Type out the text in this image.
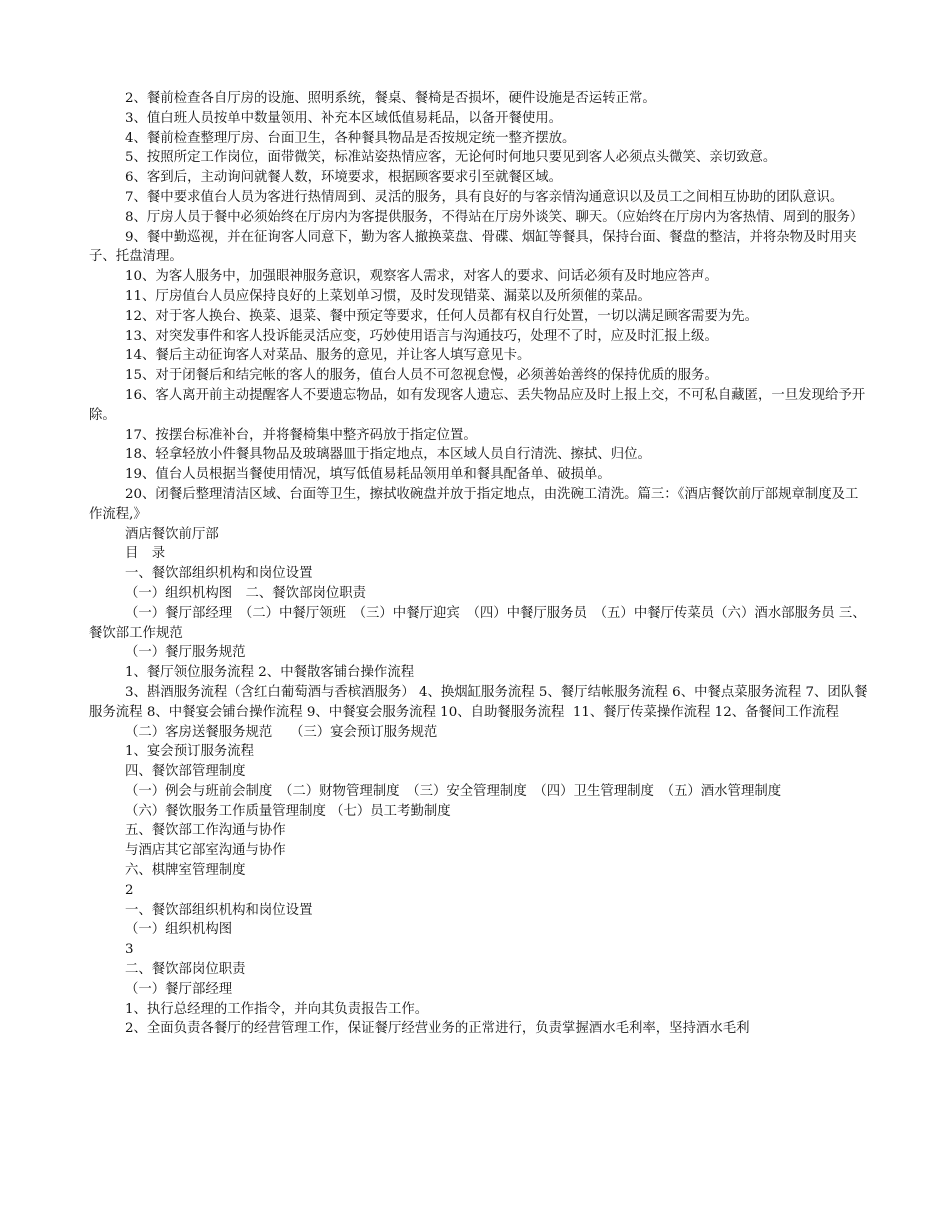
2、餐前检查各自厅房的设施、照明系统，餐桌、餐椅是否损坏，硬件设施是否运转正常。

3、值白班人员按单中数量领用、补充本区域低值易耗品，以备开餐使用。

4、餐前检查整理厅房、台面卫生，各种餐具物品是否按规定统一整齐摆放。

5、按照所定工作岗位，面带微笑，标准站姿热情应客，无论何时何地只要见到客人必须点头微笑、亲切致意。

6、客到后，主动询问就餐人数，环境要求，根据顾客要求引至就餐区域。

7、餐中要求值台人员为客进行热情周到、灵活的服务，具有良好的与客亲情沟通意识以及员工之间相互协助的团队意识。

8、厅房人员于餐中必须始终在厅房内为客提供服务，不得站在厅房外谈笑、聊天。（应始终在厅房内为客热情、周到的服务）

9、餐中勤巡视，并在征询客人同意下，勤为客人撤换菜盘、骨碟、烟缸等餐具，保持台面、餐盘的整洁，并将杂物及时用夹子、托盘清理。

10、为客人服务中，加强眼神服务意识，观察客人需求，对客人的要求、问话必须有及时地应答声。

11、厅房值台人员应保持良好的上菜划单习惯，及时发现错菜、漏菜以及所须催的菜品。

12、对于客人换台、换菜、退菜、餐中预定等要求，任何人员都有权自行处置，一切以满足顾客需要为先。

13、对突发事件和客人投诉能灵活应变，巧妙使用语言与沟通技巧，处理不了时，应及时汇报上级。

14、餐后主动征询客人对菜品、服务的意见，并让客人填写意见卡。

15、对于闭餐后和结完帐的客人的服务，值台人员不可忽视怠慢，必须善始善终的保持优质的服务。

16、客人离开前主动提醒客人不要遗忘物品，如有发现客人遗忘、丢失物品应及时上报上交，不可私自藏匿，一旦发现给予开除。

17、按摆台标准补台，并将餐椅集中整齐码放于指定位置。

18、轻拿轻放小件餐具物品及玻璃器皿于指定地点，本区域人员自行清洗、擦拭、归位。

19、值台人员根据当餐使用情况，填写低值易耗品领用单和餐具配备单、破损单。

20、闭餐后整理清洁区域、台面等卫生，擦拭收碗盘并放于指定地点，由洗碗工清洗。篇三：《酒店餐饮前厅部规章制度及工作流程,》

酒店餐饮前厅部

目　录

一、餐饮部组织机构和岗位设置

（一）组织机构图　二、餐饮部岗位职责

（一）餐厅部经理　（二）中餐厅领班　（三）中餐厅迎宾　（四）中餐厅服务员　（五）中餐厅传菜员（六）酒水部服务员 三、餐饮部工作规范

（一）餐厅服务规范

1、餐厅领位服务流程 2、中餐散客铺台操作流程

3、斟酒服务流程（含红白葡萄酒与香槟酒服务） 4、换烟缸服务流程 5、餐厅结帐服务流程 6、中餐点菜服务流程 7、团队餐服务流程 8、中餐宴会铺台操作流程 9、中餐宴会服务流程 10、自助餐服务流程  11、餐厅传菜操作流程 12、备餐间工作流程

（二）客房送餐服务规范　 （三）宴会预订服务规范

1、宴会预订服务流程

四、餐饮部管理制度

（一）例会与班前会制度　（二）财物管理制度　（三）安全管理制度　（四）卫生管理制度　（五）酒水管理制度

（六）餐饮服务工作质量管理制度 （七）员工考勤制度

五、餐饮部工作沟通与协作

与酒店其它部室沟通与协作

六、棋牌室管理制度

2

一、餐饮部组织机构和岗位设置

（一）组织机构图

3

二、餐饮部岗位职责

（一）餐厅部经理

1、执行总经理的工作指令，并向其负责报告工作。

2、全面负责各餐厅的经营管理工作，保证餐厅经营业务的正常进行，负责掌握酒水毛利率，坚持酒水毛利
